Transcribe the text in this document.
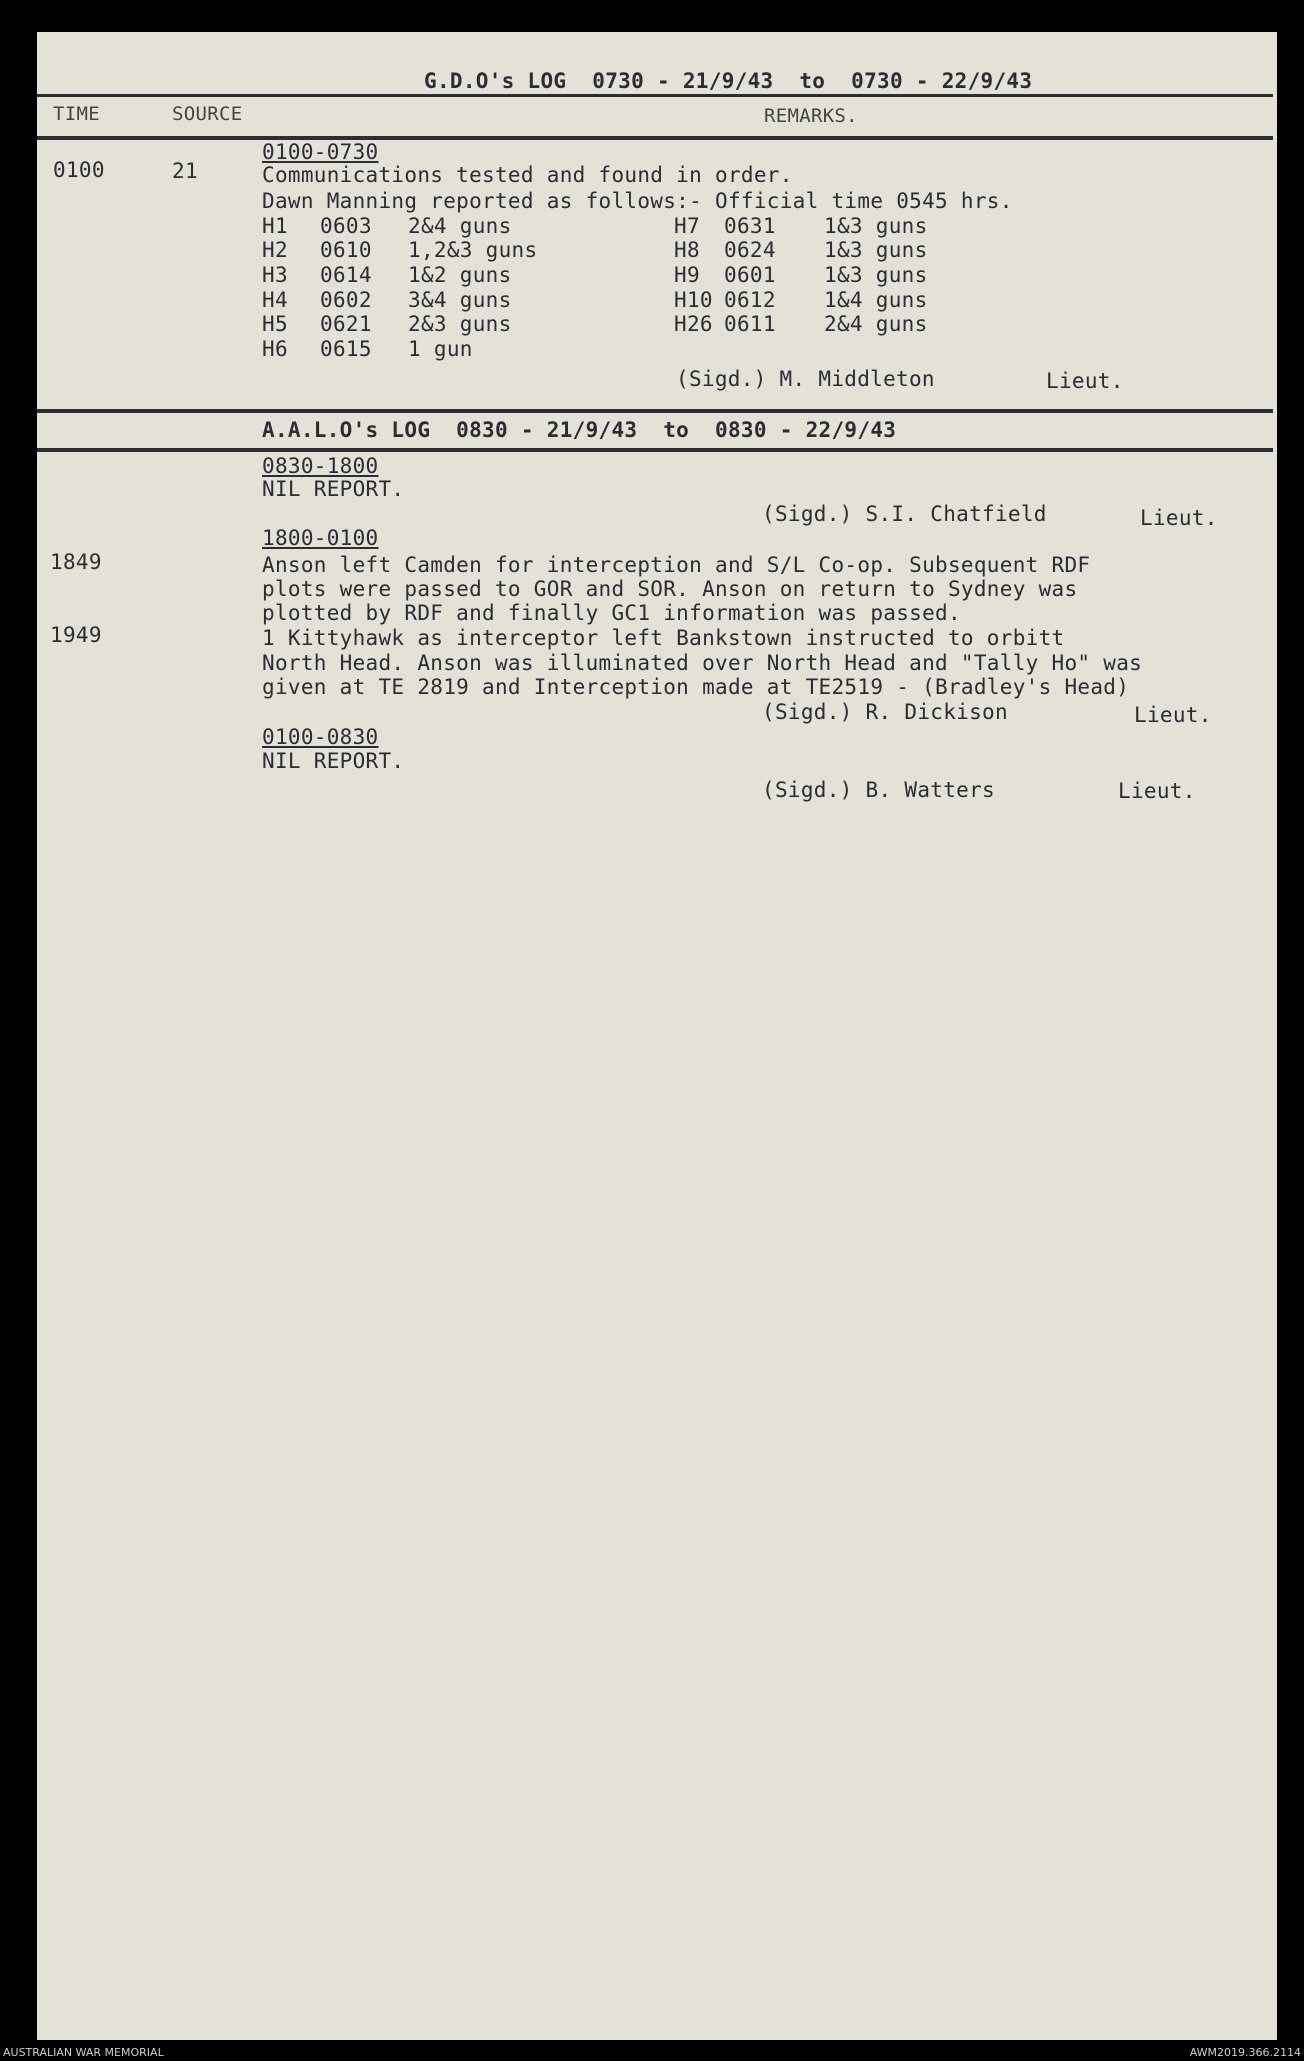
G.D.O's LOG  0730 - 21/9/43  to  0730 - 22/9/43
TIME	SOURCE	REMARKS.
0100-0730
0100	21	Communications tested and found in order.
Dawn Manning reported as follows:- Official time 0545 hrs.
H1 0603 2&4 guns
H2 0610 1,2&3 guns
H3 0614 1&2 guns
H4 0602 3&4 guns
H5 0621 2&3 guns
H6 0615 1 gun
H7 0631 1&3 guns
H8 0624 1&3 guns
H9 0601 1&3 guns
H10 0612 1&4 guns
H26 0611 2&4 guns
(Sigd.) M. Middleton	Lieut.
A.A.L.O's LOG  0830 - 21/9/43  to  0830 - 22/9/43
0830-1800
NIL REPORT.
(Sigd.) S.I. Chatfield	Lieut.
1800-0100
1849	Anson left Camden for interception and S/L Co-op. Subsequent RDF
plots were passed to GOR and SOR. Anson on return to Sydney was
plotted by RDF and finally GC1 information was passed.
1949	1 Kittyhawk as interceptor left Bankstown instructed to orbitt
North Head. Anson was illuminated over North Head and "Tally Ho" was
given at TE 2819 and Interception made at TE2519 - (Bradley's Head)
(Sigd.) R. Dickison	Lieut.
0100-0830
NIL REPORT.
(Sigd.) B. Watters	Lieut.
AUSTRALIAN WAR MEMORIAL	AWM2019.366.2114
